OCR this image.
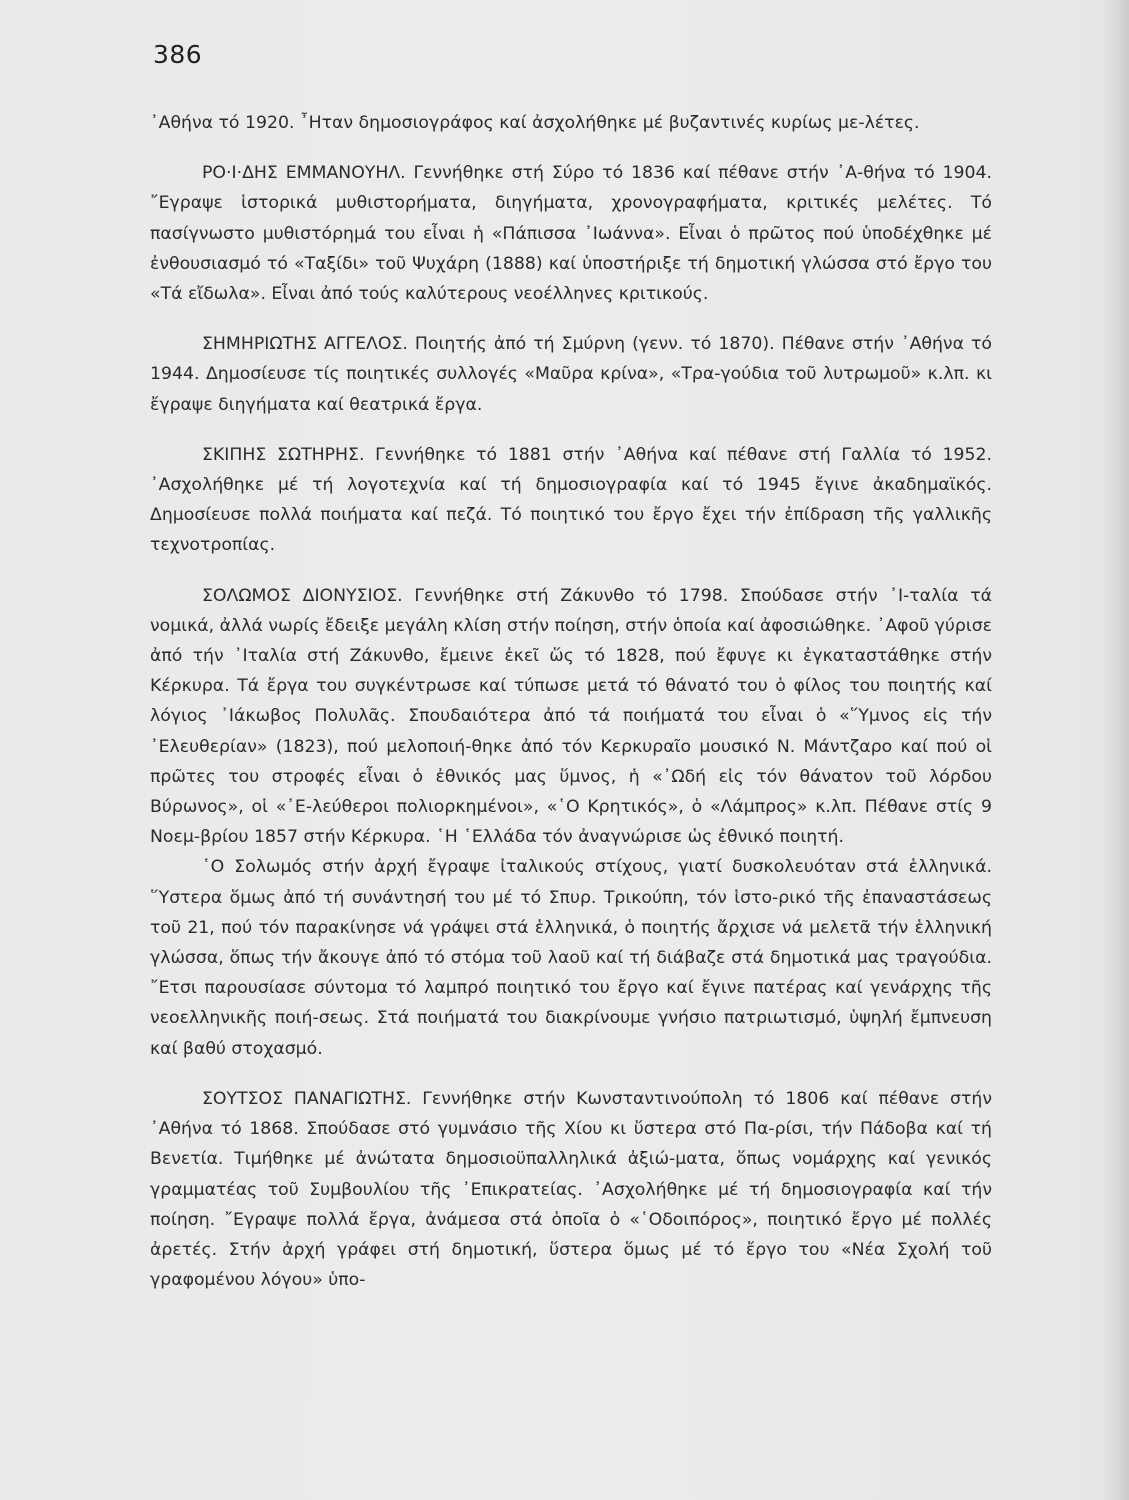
386

᾿Αθήνα τό 1920. ῏Ηταν δημοσιογράφος καί ἀσχολήθηκε μέ βυζαντινές κυρίως με-λέτες.

ΡΟ·Ι·ΔΗΣ ΕΜΜΑΝΟΥΗΛ. Γεννήθηκε στή Σύρο τό 1836 καί πέθανε στήν ᾿Α-θήνα τό 1904. ῎Εγραψε ἱστορικά μυθιστορήματα, διηγήματα, χρονογραφήματα, κριτικές μελέτες. Τό πασίγνωστο μυθιστόρημά του εἶναι ἡ «Πάπισσα ᾿Ιωάννα». Εἶναι ὁ πρῶτος πού ὑποδέχθηκε μέ ἐνθουσιασμό τό «Ταξίδι» τοῦ Ψυχάρη (1888) καί ὑποστήριξε τή δημοτική γλώσσα στό ἔργο του «Τά εἴδωλα». Εἶναι ἀπό τούς καλύτερους νεοέλληνες κριτικούς.

ΣΗΜΗΡΙΩΤΗΣ ΑΓΓΕΛΟΣ. Ποιητής ἀπό τή Σμύρνη (γενν. τό 1870). Πέθανε στήν ᾿Αθήνα τό 1944. Δημοσίευσε τίς ποιητικές συλλογές «Μαῦρα κρίνα», «Τρα-γούδια τοῦ λυτρωμοῦ» κ.λπ. κι ἔγραψε διηγήματα καί θεατρικά ἔργα.

ΣΚΙΠΗΣ ΣΩΤΗΡΗΣ. Γεννήθηκε τό 1881 στήν ᾿Αθήνα καί πέθανε στή Γαλλία τό 1952. ᾿Ασχολήθηκε μέ τή λογοτεχνία καί τή δημοσιογραφία καί τό 1945 ἔγινε ἀκαδημαϊκός. Δημοσίευσε πολλά ποιήματα καί πεζά. Τό ποιητικό του ἔργο ἔχει τήν ἐπίδραση τῆς γαλλικῆς τεχνοτροπίας.

ΣΟΛΩΜΟΣ ΔΙΟΝΥΣΙΟΣ. Γεννήθηκε στή Ζάκυνθο τό 1798. Σπούδασε στήν ᾿Ι-ταλία τά νομικά, ἀλλά νωρίς ἔδειξε μεγάλη κλίση στήν ποίηση, στήν ὁποία καί ἀφοσιώθηκε. ᾿Αφοῦ γύρισε ἀπό τήν ᾿Ιταλία στή Ζάκυνθο, ἔμεινε ἐκεῖ ὥς τό 1828, πού ἔφυγε κι ἐγκαταστάθηκε στήν Κέρκυρα. Τά ἔργα του συγκέντρωσε καί τύπωσε μετά τό θάνατό του ὁ φίλος του ποιητής καί λόγιος ᾿Ιάκωβος Πολυλᾶς. Σπουδαιότερα ἀπό τά ποιήματά του εἶναι ὁ «῞Υμνος εἰς τήν ᾿Ελευθερίαν» (1823), πού μελοποιή-θηκε ἀπό τόν Κερκυραῖο μουσικό Ν. Μάντζαρο καί πού οἱ πρῶτες του στροφές εἶναι ὁ ἐθνικός μας ὕμνος, ἡ «᾿Ωδή εἰς τόν θάνατον τοῦ λόρδου Βύρωνος», οἱ «᾿Ε-λεύθεροι πολιορκημένοι», «῾Ο Κρητικός», ὁ «Λάμπρος» κ.λπ. Πέθανε στίς 9 Νοεμ-βρίου 1857 στήν Κέρκυρα. ῾Η ῾Ελλάδα τόν ἀναγνώρισε ὡς ἐθνικό ποιητή.

῾Ο Σολωμός στήν ἀρχή ἔγραψε ἰταλικούς στίχους, γιατί δυσκολευόταν στά ἑλληνικά. ῞Υστερα ὅμως ἀπό τή συνάντησή του μέ τό Σπυρ. Τρικούπη, τόν ἱστο-ρικό τῆς ἐπαναστάσεως τοῦ 21, πού τόν παρακίνησε νά γράψει στά ἑλληνικά, ὁ ποιητής ἄρχισε νά μελετᾶ τήν ἑλληνική γλώσσα, ὅπως τήν ἄκουγε ἀπό τό στόμα τοῦ λαοῦ καί τή διάβαζε στά δημοτικά μας τραγούδια. ῎Ετσι παρουσίασε σύντομα τό λαμπρό ποιητικό του ἔργο καί ἔγινε πατέρας καί γενάρχης τῆς νεοελληνικῆς ποιή-σεως. Στά ποιήματά του διακρίνουμε γνήσιο πατριωτισμό, ὑψηλή ἔμπνευση καί βαθύ στοχασμό.

ΣΟΥΤΣΟΣ ΠΑΝΑΓΙΩΤΗΣ. Γεννήθηκε στήν Κωνσταντινούπολη τό 1806 καί πέθανε στήν ᾿Αθήνα τό 1868. Σπούδασε στό γυμνάσιο τῆς Χίου κι ὕστερα στό Πα-ρίσι, τήν Πάδοβα καί τή Βενετία. Τιμήθηκε μέ ἀνώτατα δημοσιοϋπαλληλικά ἀξιώ-ματα, ὅπως νομάρχης καί γενικός γραμματέας τοῦ Συμβουλίου τῆς ᾿Επικρατείας. ᾿Ασχολήθηκε μέ τή δημοσιογραφία καί τήν ποίηση. ῎Εγραψε πολλά ἔργα, ἀνάμεσα στά ὁποῖα ὁ «῾Οδοιπόρος», ποιητικό ἔργο μέ πολλές ἀρετές. Στήν ἀρχή γράφει στή δημοτική, ὕστερα ὅμως μέ τό ἔργο του «Νέα Σχολή τοῦ γραφομένου λόγου» ὑπο-
